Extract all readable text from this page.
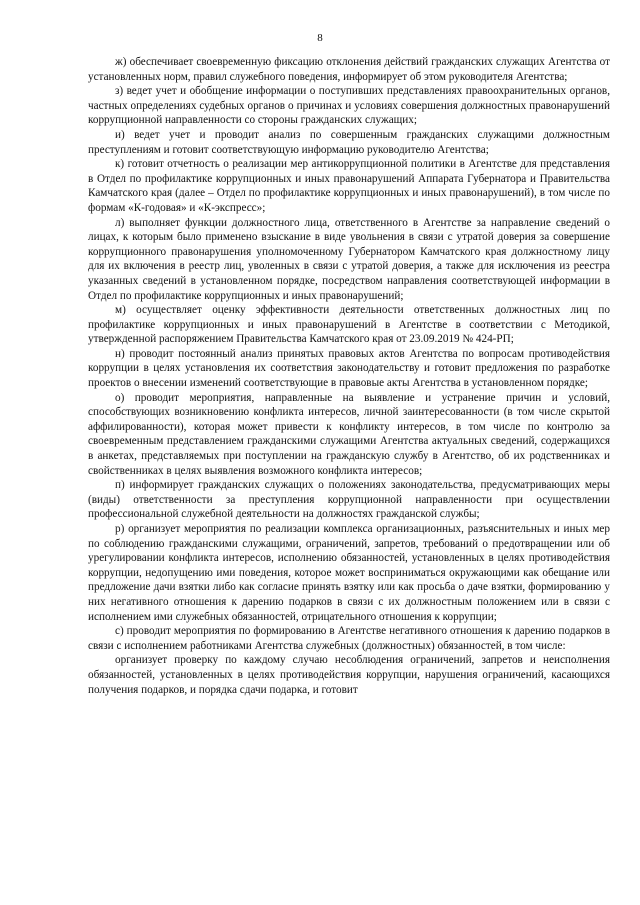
8

ж) обеспечивает своевременную фиксацию отклонения действий гражданских служащих Агентства от установленных норм, правил служебного поведения, информирует об этом руководителя Агентства;

з) ведет учет и обобщение информации о поступивших представлениях правоохранительных органов, частных определениях судебных органов о причинах и условиях совершения должностных правонарушений коррупционной направленности со стороны гражданских служащих;

и) ведет учет и проводит анализ по совершенным гражданских служащими должностным преступлениям и готовит соответствующую информацию руководителю Агентства;

к) готовит отчетность о реализации мер антикоррупционной политики в Агентстве для представления в Отдел по профилактике коррупционных и иных правонарушений Аппарата Губернатора и Правительства Камчатского края (далее – Отдел по профилактике коррупционных и иных правонарушений), в том числе по формам «К-годовая» и «К-экспресс»;

л) выполняет функции должностного лица, ответственного в Агентстве за направление сведений о лицах, к которым было применено взыскание в виде увольнения в связи с утратой доверия за совершение коррупционного правонарушения уполномоченному Губернатором Камчатского края должностному лицу для их включения в реестр лиц, уволенных в связи с утратой доверия, а также для исключения из реестра указанных сведений в установленном порядке, посредством направления соответствующей информации в Отдел по профилактике коррупционных и иных правонарушений;

м) осуществляет оценку эффективности деятельности ответственных должностных лиц по профилактике коррупционных и иных правонарушений в Агентстве в соответствии с Методикой, утвержденной распоряжением Правительства Камчатского края от 23.09.2019 № 424-РП;

н) проводит постоянный анализ принятых правовых актов Агентства по вопросам противодействия коррупции в целях установления их соответствия законодательству и готовит предложения по разработке проектов о внесении изменений соответствующие в правовые акты Агентства в установленном порядке;

о) проводит мероприятия, направленные на выявление и устранение причин и условий, способствующих возникновению конфликта интересов, личной заинтересованности (в том числе скрытой аффилированности), которая может привести к конфликту интересов, в том числе по контролю за своевременным представлением гражданскими служащими Агентства актуальных сведений, содержащихся в анкетах, представляемых при поступлении на гражданскую службу в Агентство, об их родственниках и свойственниках в целях выявления возможного конфликта интересов;

п) информирует гражданских служащих о положениях законодательства, предусматривающих меры (виды) ответственности за преступления коррупционной направленности при осуществлении профессиональной служебной деятельности на должностях гражданской службы;

р) организует мероприятия по реализации комплекса организационных, разъяснительных и иных мер по соблюдению гражданскими служащими, ограничений, запретов, требований о предотвращении или об урегулировании конфликта интересов, исполнению обязанностей, установленных в целях противодействия коррупции, недопущению ими поведения, которое может восприниматься окружающими как обещание или предложение дачи взятки либо как согласие принять взятку или как просьба о даче взятки, формированию у них негативного отношения к дарению подарков в связи с их должностным положением или в связи с исполнением ими служебных обязанностей, отрицательного отношения к коррупции;

с) проводит мероприятия по формированию в Агентстве негативного отношения к дарению подарков в связи с исполнением работниками Агентства служебных (должностных) обязанностей, в том числе:

организует проверку по каждому случаю несоблюдения ограничений, запретов и неисполнения обязанностей, установленных в целях противодействия коррупции, нарушения ограничений, касающихся получения подарков, и порядка сдачи подарка, и готовит
